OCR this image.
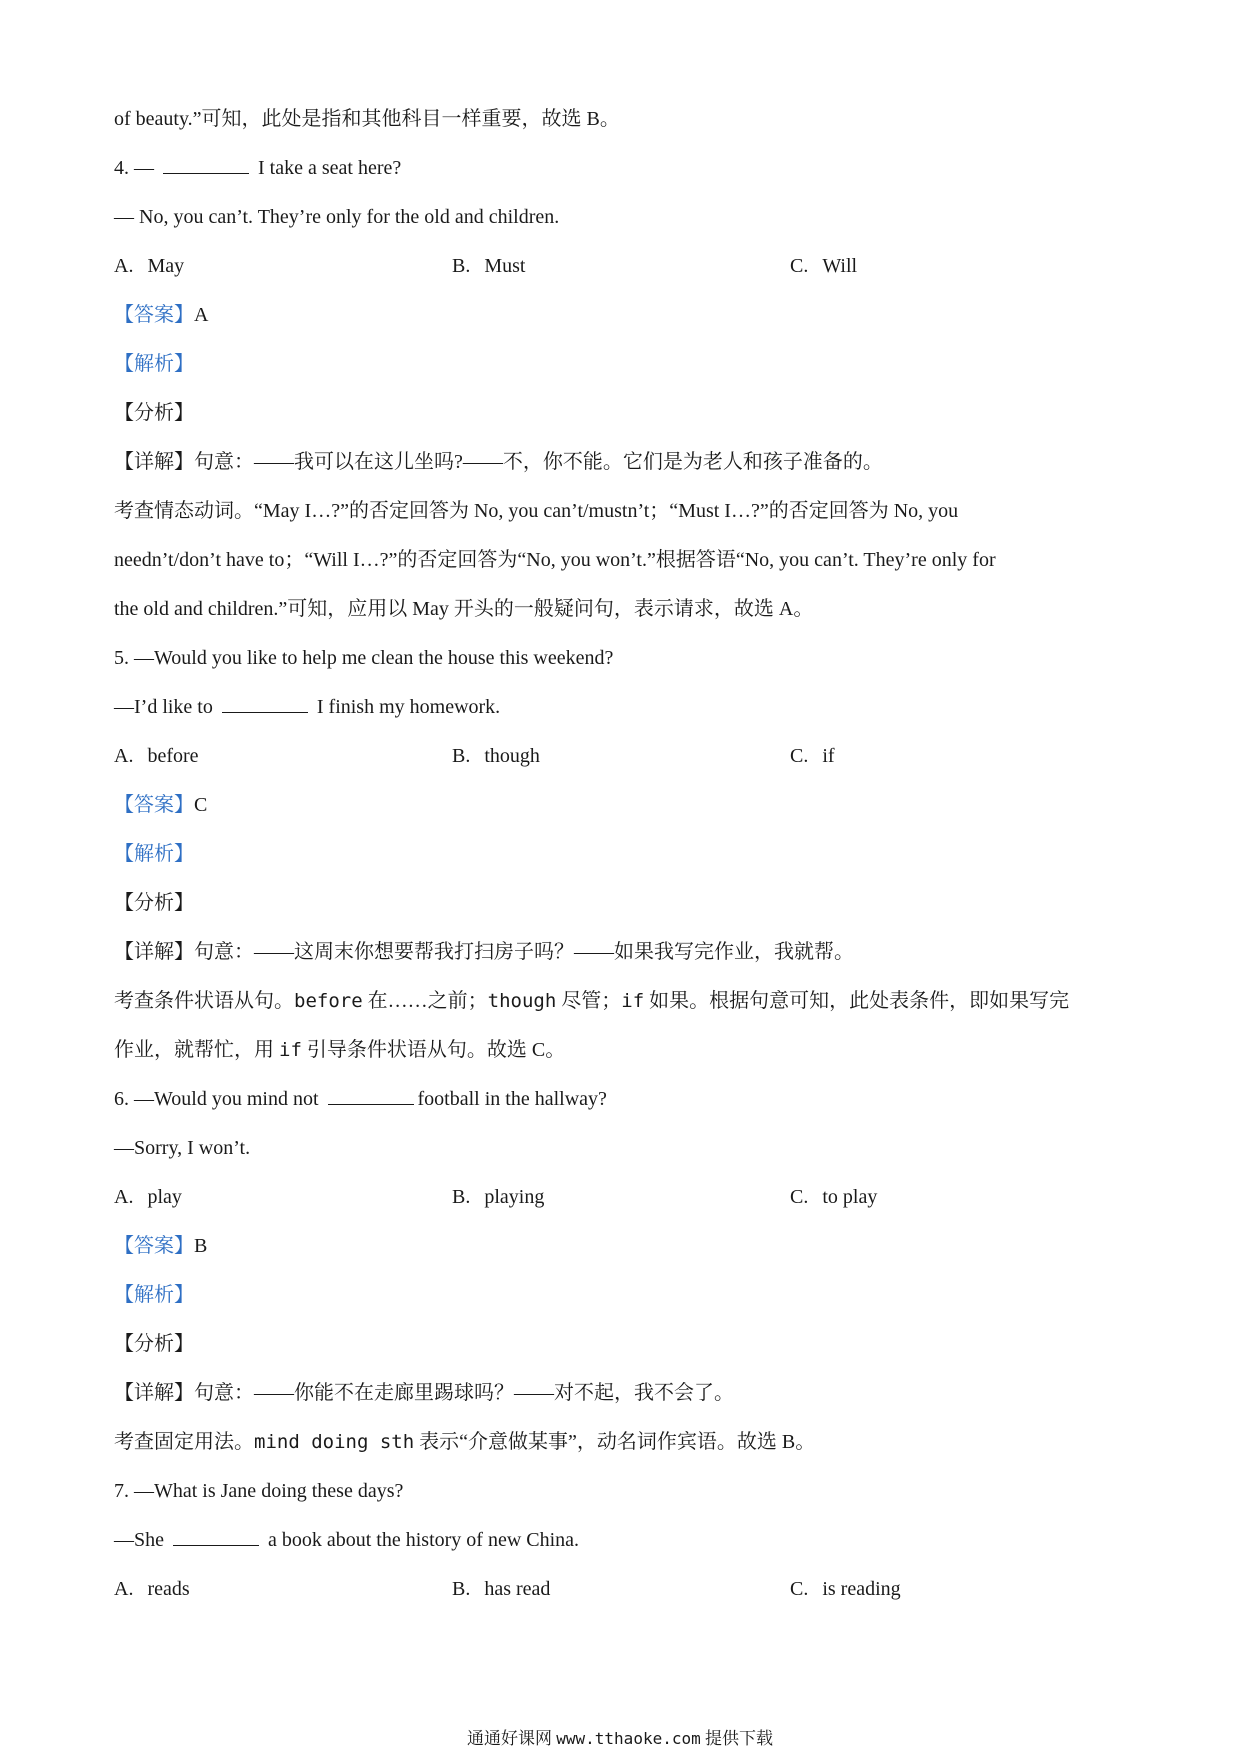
of beauty.”可知，此处是指和其他科目一样重要，故选 B。
4. —	I take a seat here?
— No, you can’t. They’re only for the old and children.
A. May	B. Must	C. Will
【答案】A
【解析】
【分析】
【详解】句意：——我可以在这儿坐吗?——不，你不能。它们是为老人和孩子准备的。
考查情态动词。“May I…?”的否定回答为 No, you can’t/mustn’t；“Must I…?”的否定回答为 No, you
needn’t/don’t have to；“Will I…?”的否定回答为“No, you won’t.”根据答语“No, you can’t. They’re only for
the old and children.”可知，应用以 May 开头的一般疑问句，表示请求，故选 A。
5. —Would you like to help me clean the house this weekend?
—I’d like to	I finish my homework.
A. before	B. though	C. if
【答案】C
【解析】
【分析】
【详解】句意：——这周末你想要帮我打扫房子吗？——如果我写完作业，我就帮。
考查条件状语从句。before 在……之前；though 尽管；if 如果。根据句意可知，此处表条件，即如果写完
作业，就帮忙，用 if 引导条件状语从句。故选 C。
6. —Would you mind not	football in the hallway?
—Sorry, I won’t.
A. play	B. playing	C. to play
【答案】B
【解析】
【分析】
【详解】句意：——你能不在走廊里踢球吗？——对不起，我不会了。
考查固定用法。mind doing sth 表示“介意做某事”，动名词作宾语。故选 B。
7. —What is Jane doing these days?
—She	a book about the history of new China.
A. reads	B. has read	C. is reading
通通好课网 www.tthaoke.com 提供下载
